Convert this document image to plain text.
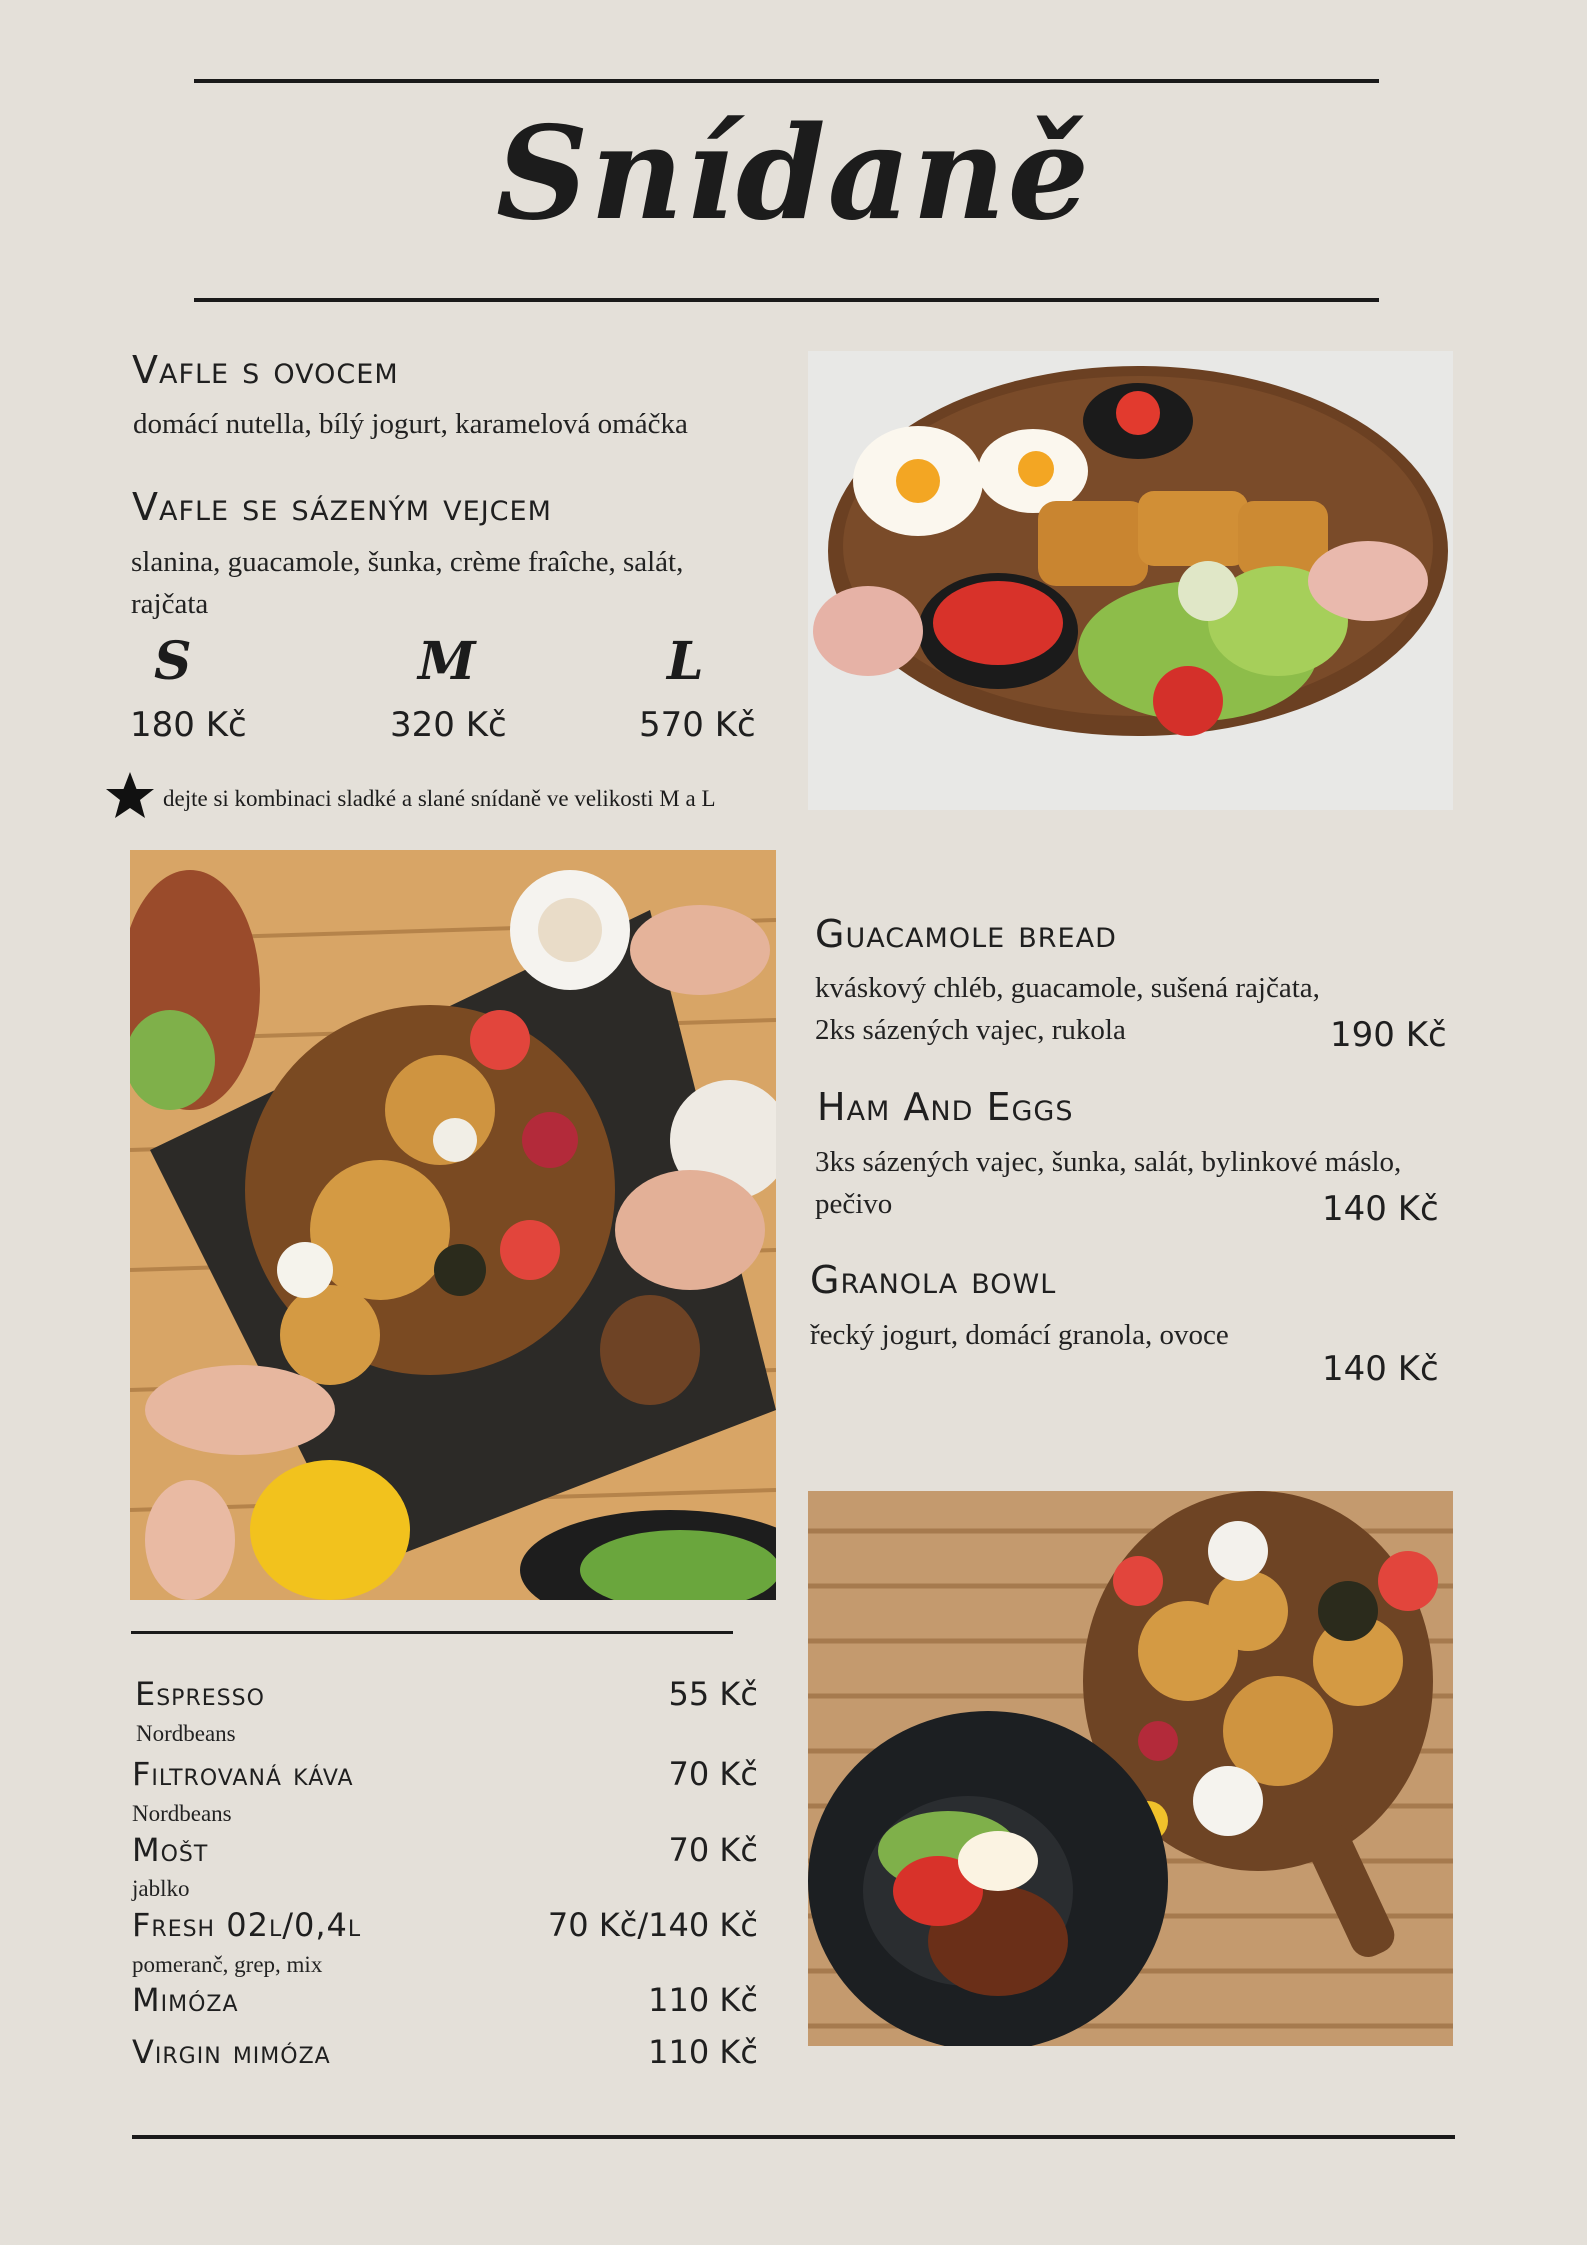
Snídaně
Vafle s ovocem
domácí nutella, bílý jogurt, karamelová omáčka
Vafle se sázeným vejcem
slanina, guacamole, šunka, crème fraîche, salát,
rajčata
S	M	L
180 Kč	320 Kč	570 Kč
dejte si kombinaci sladké a slané snídaně ve velikosti M a L
Guacamole bread
kváskový chléb, guacamole, sušená rajčata,
2ks sázených vajec, rukola	190 Kč
Ham And Eggs
3ks sázených vajec, šunka, salát, bylinkové máslo,
pečivo	140 Kč
Granola bowl
řecký jogurt, domácí granola, ovoce
140 Kč
Espresso
Nordbeans
55 Kč
Filtrovaná káva
Nordbeans
70 Kč
Mošt
jablko
70 Kč
Fresh 02l/0,4l
pomeranč, grep, mix
70 Kč/140 Kč
Mimóza	110 Kč
Virgin mimóza	110 Kč
